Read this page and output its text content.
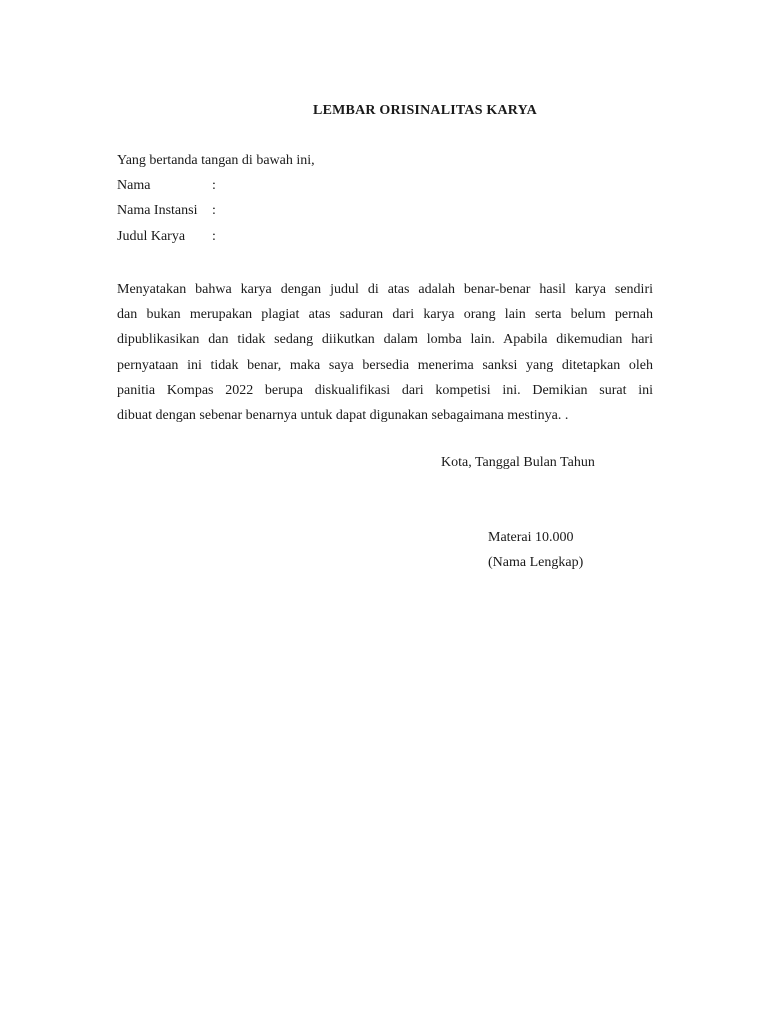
LEMBAR ORISINALITAS KARYA
Yang bertanda tangan di bawah ini,
Nama	:
Nama Instansi :
Judul Karya :
Menyatakan bahwa karya dengan judul di atas adalah benar-benar hasil karya sendiri
dan bukan merupakan plagiat atas saduran dari karya orang lain serta belum pernah
dipublikasikan dan tidak sedang diikutkan dalam lomba lain. Apabila dikemudian hari
pernyataan ini tidak benar, maka saya bersedia menerima sanksi yang ditetapkan oleh
panitia Kompas 2022 berupa diskualifikasi dari kompetisi ini. Demikian surat ini
dibuat dengan sebenar benarnya untuk dapat digunakan sebagaimana mestinya. .
Kota, Tanggal Bulan Tahun
Materai 10.000
(Nama Lengkap)
